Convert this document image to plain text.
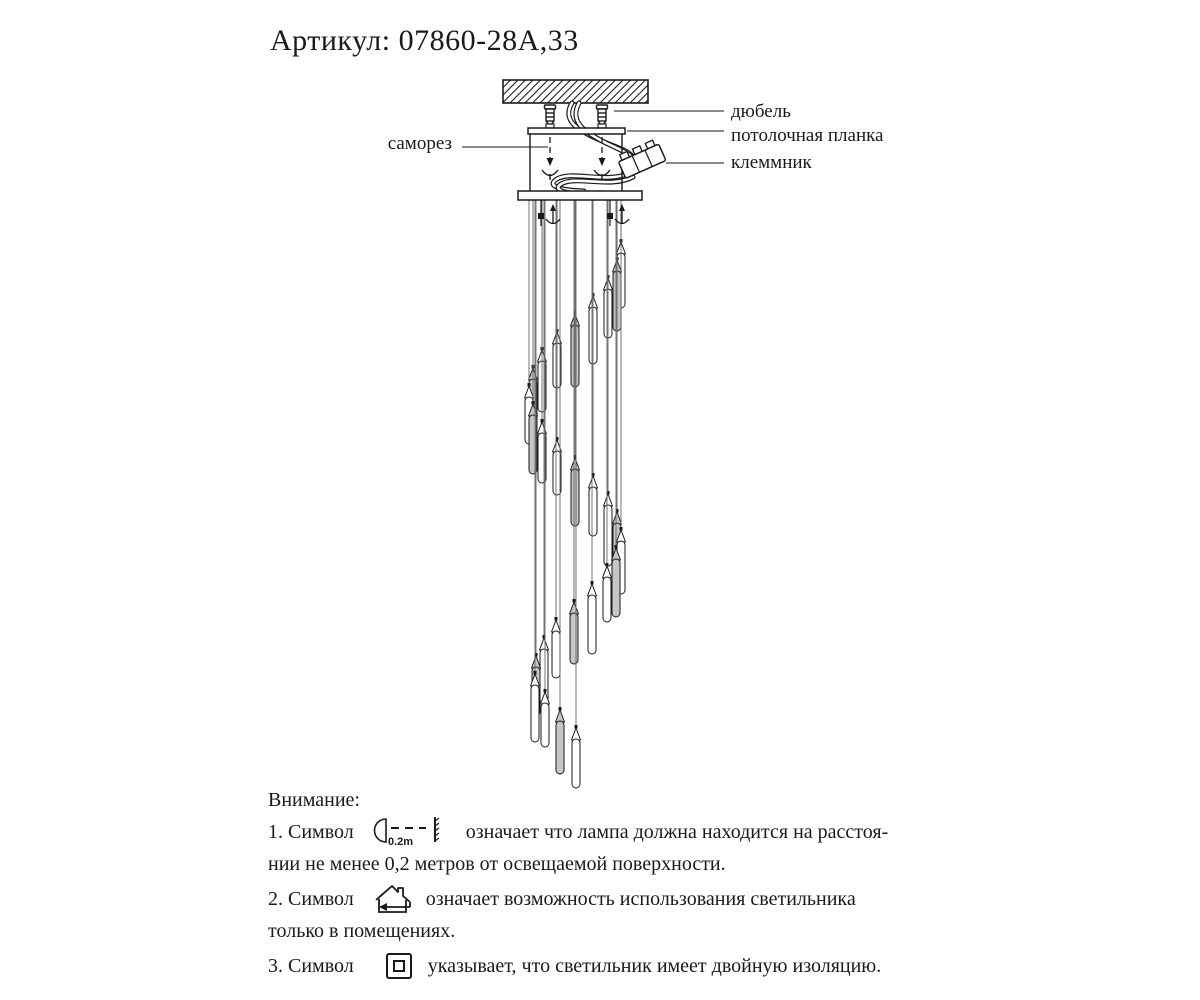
Артикул: 07860-28А,33
саморез
дюбель
потолочная планка
клеммник
Внимание:
1. Символ	0.2m	означает что лампа должна находится на расстоя-
нии не менее 0,2 метров от освещаемой поверхности.
2. Символ	означает возможность использования светильника
только в помещениях.
3. Символ	указывает, что светильник имеет двойную изоляцию.
